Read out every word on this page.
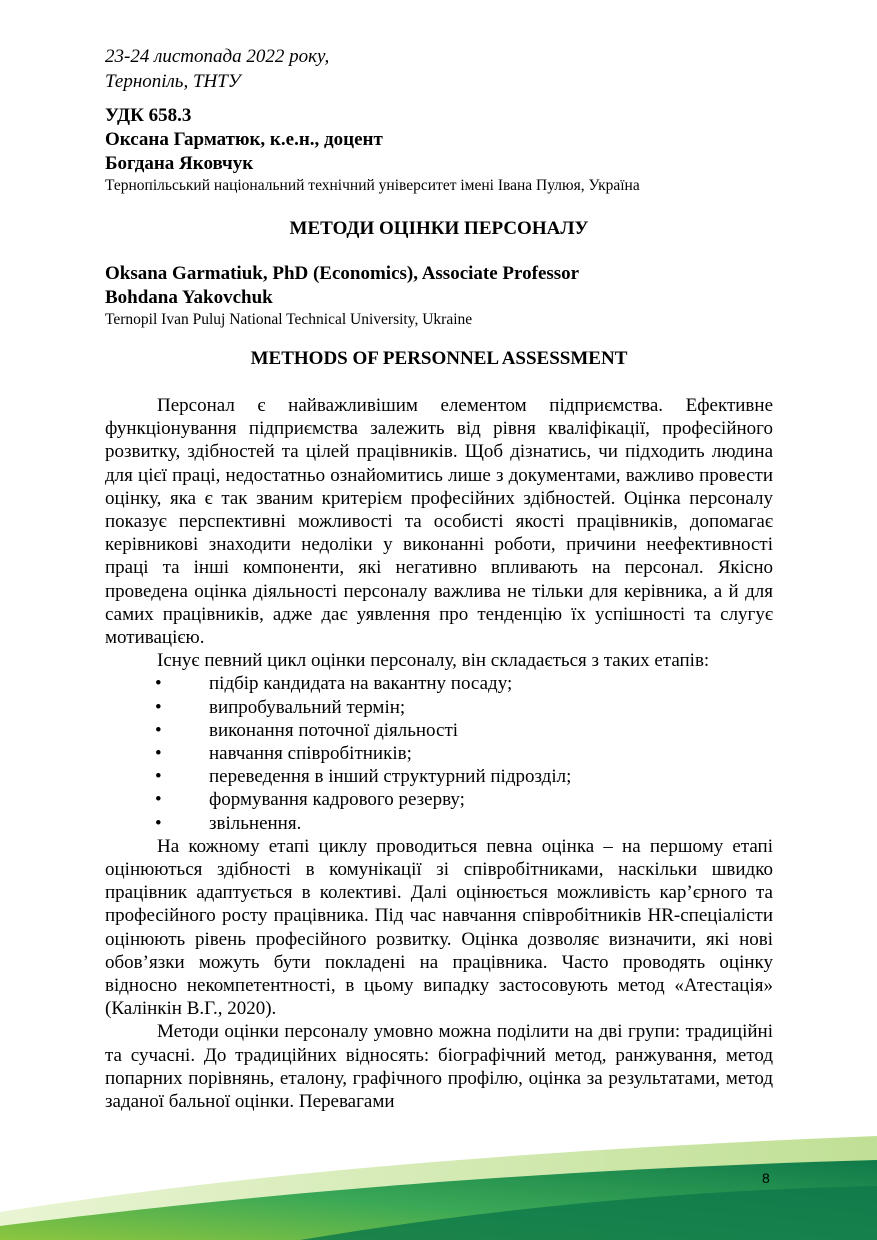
23-24 листопада 2022 року,
Тернопіль, ТНТУ
УДК 658.3
Оксана Гарматюк, к.е.н., доцент
Богдана Яковчук
Тернопільський національний технічний університет імені Івана Пулюя, Україна
МЕТОДИ ОЦІНКИ ПЕРСОНАЛУ
Oksana Garmatiuk, PhD (Economics), Associate Professor
Bohdana Yakovchuk
Ternopil Ivan Puluj National Technical University, Ukraine
METHODS OF PERSONNEL ASSESSMENT

Персонал є найважливішим елементом підприємства. Ефективне функціонування підприємства залежить від рівня кваліфікації, професійного розвитку, здібностей та цілей працівників. Щоб дізнатись, чи підходить людина для цієї праці, недостатньо ознайомитись лише з документами, важливо провести оцінку, яка є так званим критерієм професійних здібностей. Оцінка персоналу показує перспективні можливості та особисті якості працівників, допомагає керівникові знаходити недоліки у виконанні роботи, причини неефективності праці та інші компоненти, які негативно впливають на персонал. Якісно проведена оцінка діяльності персоналу важлива не тільки для керівника, а й для самих працівників, адже дає уявлення про тенденцію їх успішності та слугує мотивацією.

Існує певний цикл оцінки персоналу, він складається з таких етапів:

• підбір кандидата на вакантну посаду;
• випробувальний термін;
• виконання поточної діяльності
• навчання співробітників;
• переведення в інший структурний підрозділ;
• формування кадрового резерву;
• звільнення.

На кожному етапі циклу проводиться певна оцінка – на першому етапі оцінюються здібності в комунікації зі співробітниками, наскільки швидко працівник адаптується в колективі. Далі оцінюється можливість кар’єрного та професійного росту працівника. Під час навчання співробітників HR-спеціалісти оцінюють рівень професійного розвитку. Оцінка дозволяє визначити, які нові обов’язки можуть бути покладені на працівника. Часто проводять оцінку відносно некомпетентності, в цьому випадку застосовують метод «Атестація» (Калінкін В.Г., 2020).

Методи оцінки персоналу умовно можна поділити на дві групи: традиційні та сучасні. До традиційних відносять: біографічний метод, ранжування, метод попарних порівнянь, еталону, графічного профілю, оцінка за результатами, метод заданої бальної оцінки. Перевагами

8
